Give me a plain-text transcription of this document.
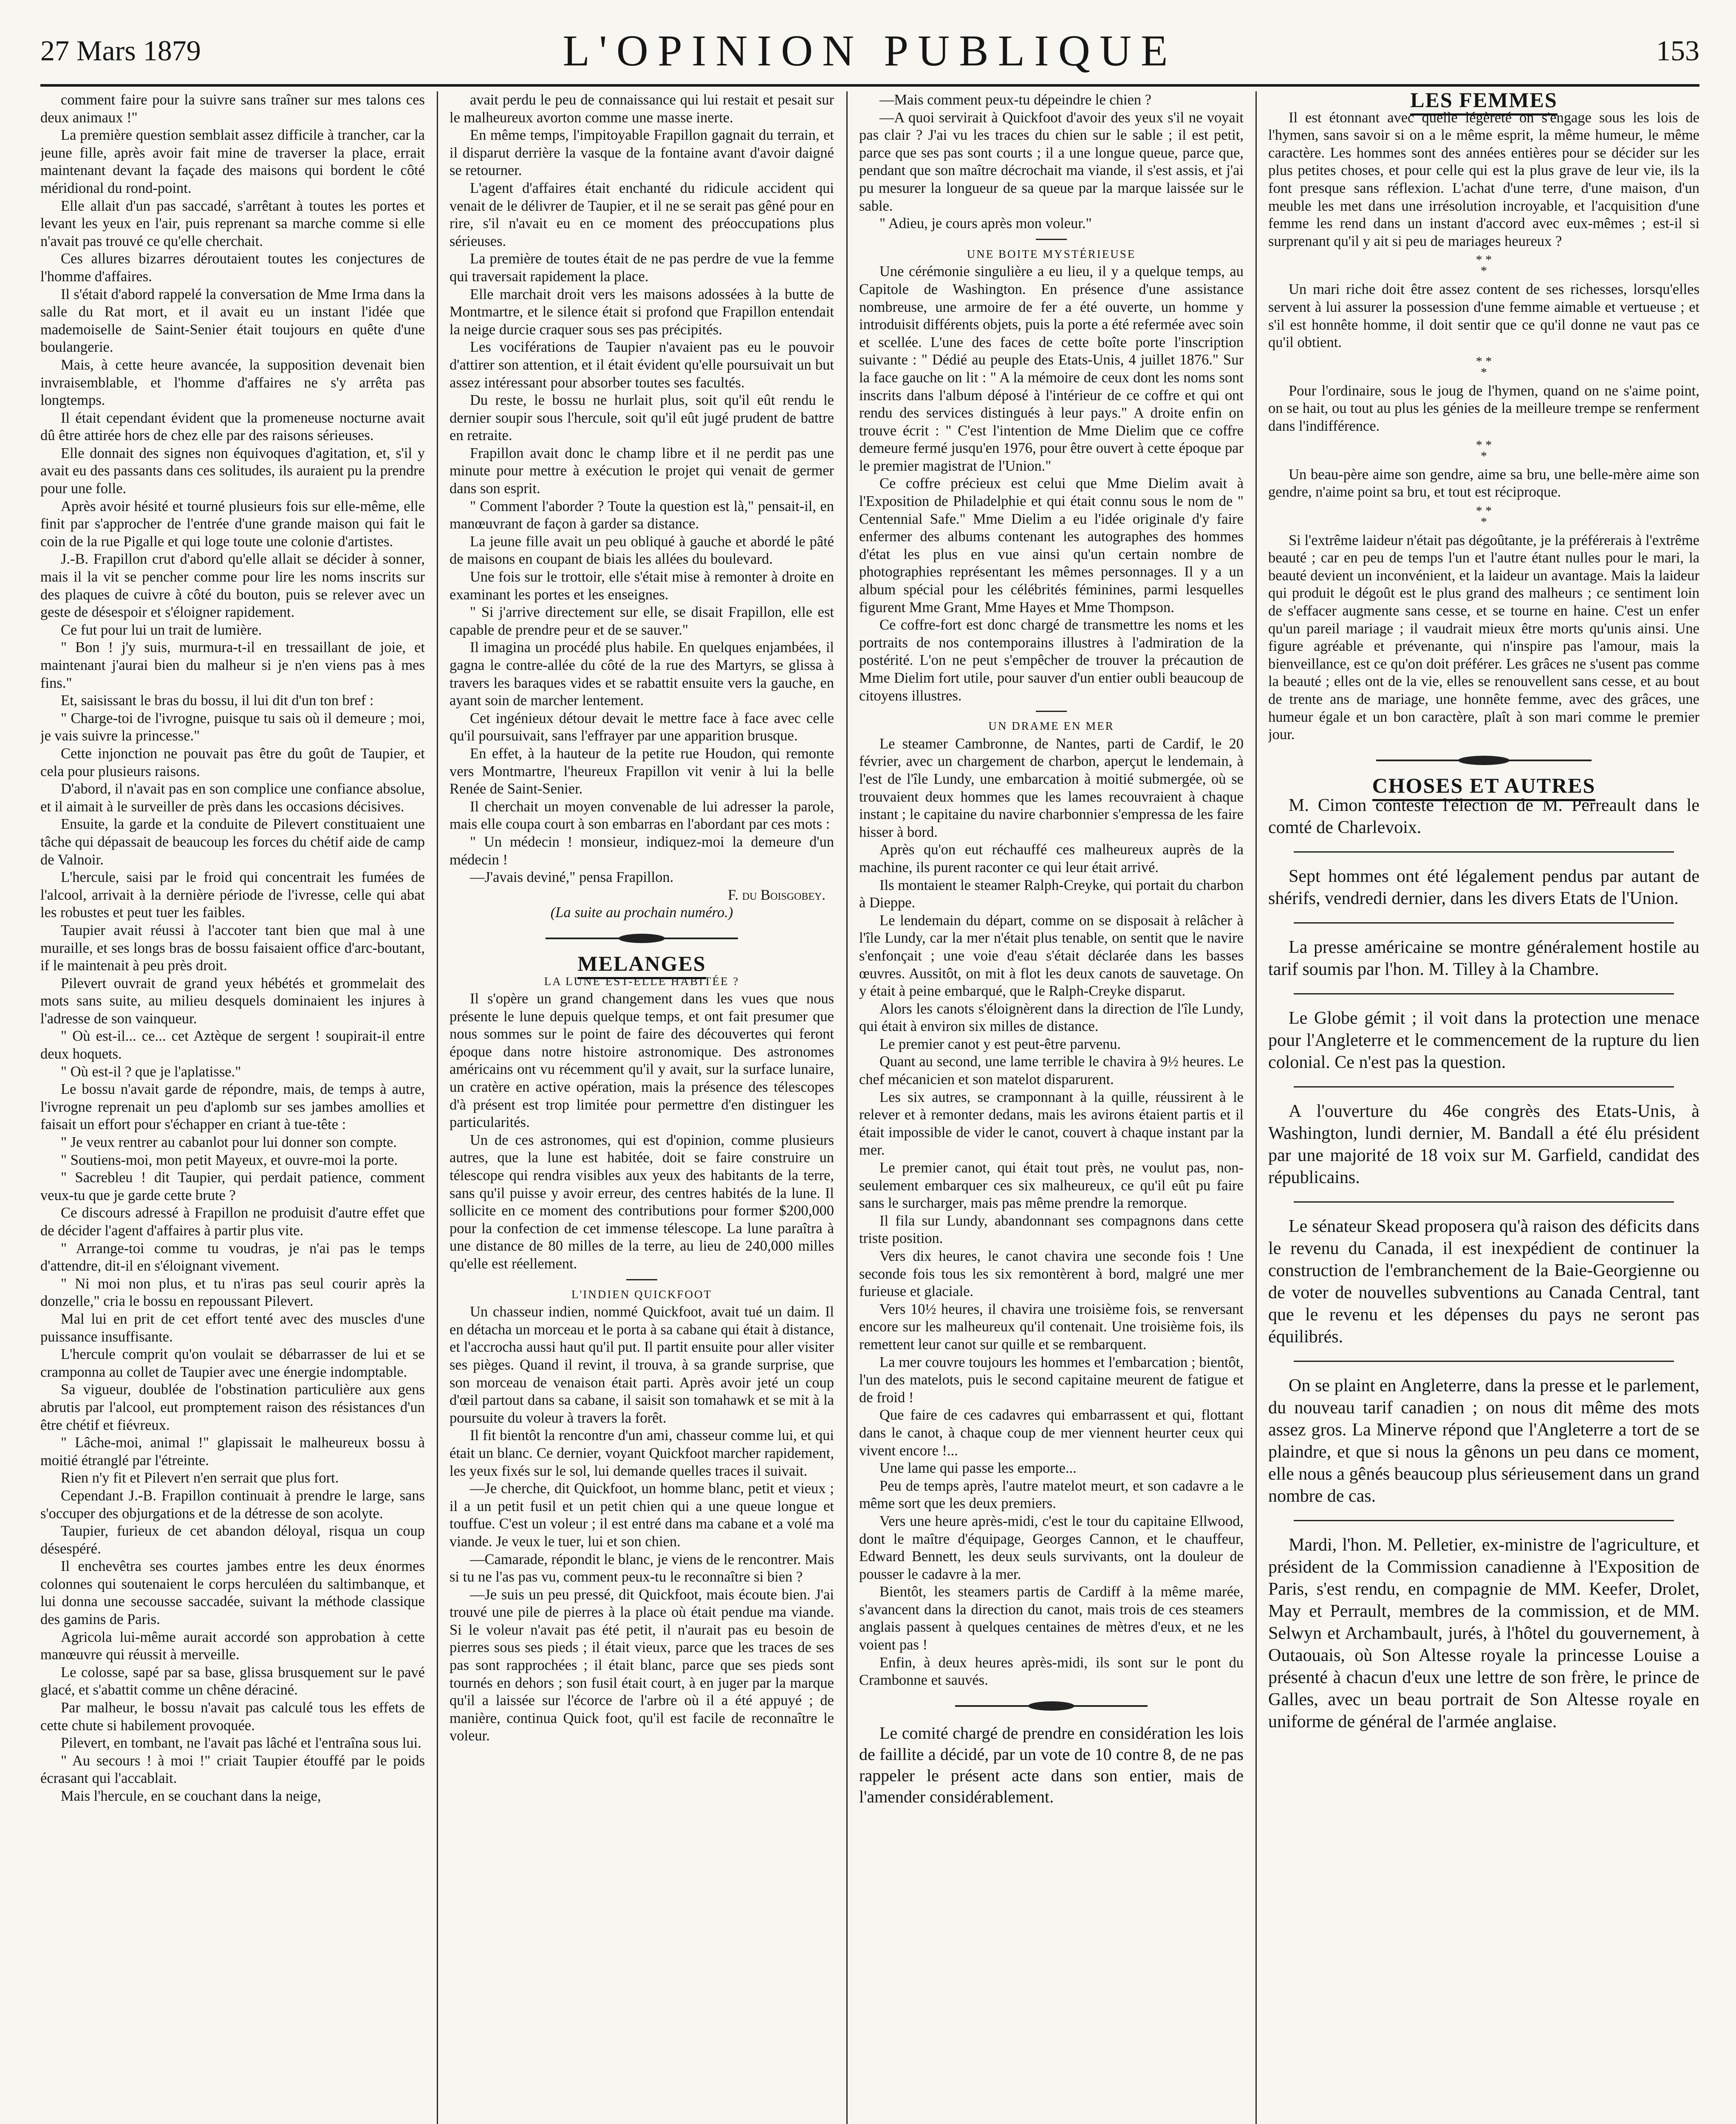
27 Mars 1879	L'OPINION PUBLIQUE	153

comment faire pour la suivre sans traîner sur mes talons ces deux animaux !"

La première question semblait assez difficile à trancher, car la jeune fille, après avoir fait mine de traverser la place, errait maintenant devant la façade des maisons qui bordent le côté méridional du rond-point.

Elle allait d'un pas saccadé, s'arrêtant à toutes les portes et levant les yeux en l'air, puis reprenant sa marche comme si elle n'avait pas trouvé ce qu'elle cherchait.

Ces allures bizarres déroutaient toutes les conjectures de l'homme d'affaires.

Il s'était d'abord rappelé la conversation de Mme Irma dans la salle du Rat mort, et il avait eu un instant l'idée que mademoiselle de Saint-Senier était toujours en quête d'une boulangerie.

Mais, à cette heure avancée, la supposition devenait bien invraisemblable, et l'homme d'affaires ne s'y arrêta pas longtemps.

Il était cependant évident que la promeneuse nocturne avait dû être attirée hors de chez elle par des raisons sérieuses.

Elle donnait des signes non équivoques d'agitation, et, s'il y avait eu des passants dans ces solitudes, ils auraient pu la prendre pour une folle.

Après avoir hésité et tourné plusieurs fois sur elle-même, elle finit par s'approcher de l'entrée d'une grande maison qui fait le coin de la rue Pigalle et qui loge toute une colonie d'artistes.

J.-B. Frapillon crut d'abord qu'elle allait se décider à sonner, mais il la vit se pencher comme pour lire les noms inscrits sur des plaques de cuivre à côté du bouton, puis se relever avec un geste de désespoir et s'éloigner rapidement.

Ce fut pour lui un trait de lumière.

" Bon ! j'y suis, murmura-t-il en tressaillant de joie, et maintenant j'aurai bien du malheur si je n'en viens pas à mes fins."

Et, saisissant le bras du bossu, il lui dit d'un ton bref :

" Charge-toi de l'ivrogne, puisque tu sais où il demeure ; moi, je vais suivre la princesse."

Cette injonction ne pouvait pas être du goût de Taupier, et cela pour plusieurs raisons.

D'abord, il n'avait pas en son complice une confiance absolue, et il aimait à le surveiller de près dans les occasions décisives.

Ensuite, la garde et la conduite de Pilevert constituaient une tâche qui dépassait de beaucoup les forces du chétif aide de camp de Valnoir.

L'hercule, saisi par le froid qui concentrait les fumées de l'alcool, arrivait à la dernière période de l'ivresse, celle qui abat les robustes et peut tuer les faibles.

Taupier avait réussi à l'accoter tant bien que mal à une muraille, et ses longs bras de bossu faisaient office d'arc-boutant, if le maintenait à peu près droit.

Pilevert ouvrait de grand yeux hébétés et grommelait des mots sans suite, au milieu desquels dominaient les injures à l'adresse de son vainqueur.

" Où est-il... ce... cet Aztèque de sergent ! soupirait-il entre deux hoquets.

" Où est-il ? que je l'aplatisse."

Le bossu n'avait garde de répondre, mais, de temps à autre, l'ivrogne reprenait un peu d'aplomb sur ses jambes amollies et faisait un effort pour s'échapper en criant à tue-tête :

" Je veux rentrer au cabanlot pour lui donner son compte.

" Soutiens-moi, mon petit Mayeux, et ouvre-moi la porte.

" Sacrebleu ! dit Taupier, qui perdait patience, comment veux-tu que je garde cette brute ?

Ce discours adressé à Frapillon ne produisit d'autre effet que de décider l'agent d'affaires à partir plus vite.

" Arrange-toi comme tu voudras, je n'ai pas le temps d'attendre, dit-il en s'éloignant vivement.

" Ni moi non plus, et tu n'iras pas seul courir après la donzelle," cria le bossu en repoussant Pilevert.

Mal lui en prit de cet effort tenté avec des muscles d'une puissance insuffisante.

L'hercule comprit qu'on voulait se débarrasser de lui et se cramponna au collet de Taupier avec une énergie indomptable.

Sa vigueur, doublée de l'obstination particulière aux gens abrutis par l'alcool, eut promptement raison des résistances d'un être chétif et fiévreux.

" Lâche-moi, animal !" glapissait le malheureux bossu à moitié étranglé par l'étreinte.

Rien n'y fit et Pilevert n'en serrait que plus fort.

Cependant J.-B. Frapillon continuait à prendre le large, sans s'occuper des objurgations et de la détresse de son acolyte.

Taupier, furieux de cet abandon déloyal, risqua un coup désespéré.

Il enchevêtra ses courtes jambes entre les deux énormes colonnes qui soutenaient le corps herculéen du saltimbanque, et lui donna une secousse saccadée, suivant la méthode classique des gamins de Paris.

Agricola lui-même aurait accordé son approbation à cette manœuvre qui réussit à merveille.

Le colosse, sapé par sa base, glissa brusquement sur le pavé glacé, et s'abattit comme un chêne déraciné.

Par malheur, le bossu n'avait pas calculé tous les effets de cette chute si habilement provoquée.

Pilevert, en tombant, ne l'avait pas lâché et l'entraîna sous lui.

" Au secours ! à moi !" criait Taupier étouffé par le poids écrasant qui l'accablait.

Mais l'hercule, en se couchant dans la neige,

avait perdu le peu de connaissance qui lui restait et pesait sur le malheureux avorton comme une masse inerte.

En même temps, l'impitoyable Frapillon gagnait du terrain, et il disparut derrière la vasque de la fontaine avant d'avoir daigné se retourner.

L'agent d'affaires était enchanté du ridicule accident qui venait de le délivrer de Taupier, et il ne se serait pas gêné pour en rire, s'il n'avait eu en ce moment des préoccupations plus sérieuses.

La première de toutes était de ne pas perdre de vue la femme qui traversait rapidement la place.

Elle marchait droit vers les maisons adossées à la butte de Montmartre, et le silence était si profond que Frapillon entendait la neige durcie craquer sous ses pas précipités.

Les vociférations de Taupier n'avaient pas eu le pouvoir d'attirer son attention, et il était évident qu'elle poursuivait un but assez intéressant pour absorber toutes ses facultés.

Du reste, le bossu ne hurlait plus, soit qu'il eût rendu le dernier soupir sous l'hercule, soit qu'il eût jugé prudent de battre en retraite.

Frapillon avait donc le champ libre et il ne perdit pas une minute pour mettre à exécution le projet qui venait de germer dans son esprit.

" Comment l'aborder ? Toute la question est là," pensait-il, en manœuvrant de façon à garder sa distance.

La jeune fille avait un peu obliqué à gauche et abordé le pâté de maisons en coupant de biais les allées du boulevard.

Une fois sur le trottoir, elle s'était mise à remonter à droite en examinant les portes et les enseignes.

" Si j'arrive directement sur elle, se disait Frapillon, elle est capable de prendre peur et de se sauver."

Il imagina un procédé plus habile. En quelques enjambées, il gagna le contre-allée du côté de la rue des Martyrs, se glissa à travers les baraques vides et se rabattit ensuite vers la gauche, en ayant soin de marcher lentement.

Cet ingénieux détour devait le mettre face à face avec celle qu'il poursuivait, sans l'effrayer par une apparition brusque.

En effet, à la hauteur de la petite rue Houdon, qui remonte vers Montmartre, l'heureux Frapillon vit venir à lui la belle Renée de Saint-Senier.

Il cherchait un moyen convenable de lui adresser la parole, mais elle coupa court à son embarras en l'abordant par ces mots :

" Un médecin ! monsieur, indiquez-moi la demeure d'un médecin !

—J'avais deviné," pensa Frapillon.

F. du Boisgobey.

(La suite au prochain numéro.)

MELANGES

LA LUNE EST-ELLE HABITÉE ?

Il s'opère un grand changement dans les vues que nous présente le lune depuis quelque temps, et ont fait presumer que nous sommes sur le point de faire des découvertes qui feront époque dans notre histoire astronomique. Des astronomes américains ont vu récemment qu'il y avait, sur la surface lunaire, un cratère en active opération, mais la présence des télescopes d'à présent est trop limitée pour permettre d'en distinguer les particularités.

Un de ces astronomes, qui est d'opinion, comme plusieurs autres, que la lune est habitée, doit se faire construire un télescope qui rendra visibles aux yeux des habitants de la terre, sans qu'il puisse y avoir erreur, des centres habités de la lune. Il sollicite en ce moment des contributions pour former $200,000 pour la confection de cet immense télescope. La lune paraîtra à une distance de 80 milles de la terre, au lieu de 240,000 milles qu'elle est réellement.

L'INDIEN QUICKFOOT

Un chasseur indien, nommé Quickfoot, avait tué un daim. Il en détacha un morceau et le porta à sa cabane qui était à distance, et l'accrocha aussi haut qu'il put. Il partit ensuite pour aller visiter ses pièges. Quand il revint, il trouva, à sa grande surprise, que son morceau de venaison était parti. Après avoir jeté un coup d'œil partout dans sa cabane, il saisit son tomahawk et se mit à la poursuite du voleur à travers la forêt.

Il fit bientôt la rencontre d'un ami, chasseur comme lui, et qui était un blanc. Ce dernier, voyant Quickfoot marcher rapidement, les yeux fixés sur le sol, lui demande quelles traces il suivait.

—Je cherche, dit Quickfoot, un homme blanc, petit et vieux ; il a un petit fusil et un petit chien qui a une queue longue et touffue. C'est un voleur ; il est entré dans ma cabane et a volé ma viande. Je veux le tuer, lui et son chien.

—Camarade, répondit le blanc, je viens de le rencontrer. Mais si tu ne l'as pas vu, comment peux-tu le reconnaître si bien ?

—Je suis un peu pressé, dit Quickfoot, mais écoute bien. J'ai trouvé une pile de pierres à la place où était pendue ma viande. Si le voleur n'avait pas été petit, il n'aurait pas eu besoin de pierres sous ses pieds ; il était vieux, parce que les traces de ses pas sont rapprochées ; il était blanc, parce que ses pieds sont tournés en dehors ; son fusil était court, à en juger par la marque qu'il a laissée sur l'écorce de l'arbre où il a été appuyé ; de manière, continua Quick foot, qu'il est facile de reconnaître le voleur.

—Mais comment peux-tu dépeindre le chien ?

—A quoi servirait à Quickfoot d'avoir des yeux s'il ne voyait pas clair ? J'ai vu les traces du chien sur le sable ; il est petit, parce que ses pas sont courts ; il a une longue queue, parce que, pendant que son maître décrochait ma viande, il s'est assis, et j'ai pu mesurer la longueur de sa queue par la marque laissée sur le sable.

" Adieu, je cours après mon voleur."

UNE BOITE MYSTÉRIEUSE

Une cérémonie singulière a eu lieu, il y a quelque temps, au Capitole de Washington. En présence d'une assistance nombreuse, une armoire de fer a été ouverte, un homme y introduisit différents objets, puis la porte a été refermée avec soin et scellée. L'une des faces de cette boîte porte l'inscription suivante : " Dédié au peuple des Etats-Unis, 4 juillet 1876." Sur la face gauche on lit : " A la mémoire de ceux dont les noms sont inscrits dans l'album déposé à l'intérieur de ce coffre et qui ont rendu des services distingués à leur pays." A droite enfin on trouve écrit : " C'est l'intention de Mme Dielim que ce coffre demeure fermé jusqu'en 1976, pour être ouvert à cette époque par le premier magistrat de l'Union."

Ce coffre précieux est celui que Mme Dielim avait à l'Exposition de Philadelphie et qui était connu sous le nom de " Centennial Safe." Mme Dielim a eu l'idée originale d'y faire enfermer des albums contenant les autographes des hommes d'état les plus en vue ainsi qu'un certain nombre de photographies représentant les mêmes personnages. Il y a un album spécial pour les célébrités féminines, parmi lesquelles figurent Mme Grant, Mme Hayes et Mme Thompson.

Ce coffre-fort est donc chargé de transmettre les noms et les portraits de nos contemporains illustres à l'admiration de la postérité. L'on ne peut s'empêcher de trouver la précaution de Mme Dielim fort utile, pour sauver d'un entier oubli beaucoup de citoyens illustres.

UN DRAME EN MER

Le steamer Cambronne, de Nantes, parti de Cardif, le 20 février, avec un chargement de charbon, aperçut le lendemain, à l'est de l'île Lundy, une embarcation à moitié submergée, où se trouvaient deux hommes que les lames recouvraient à chaque instant ; le capitaine du navire charbonnier s'empressa de les faire hisser à bord.

Après qu'on eut réchauffé ces malheureux auprès de la machine, ils purent raconter ce qui leur était arrivé.

Ils montaient le steamer Ralph-Creyke, qui portait du charbon à Dieppe.

Le lendemain du départ, comme on se disposait à relâcher à l'île Lundy, car la mer n'était plus tenable, on sentit que le navire s'enfonçait ; une voie d'eau s'était déclarée dans les basses œuvres. Aussitôt, on mit à flot les deux canots de sauvetage. On y était à peine embarqué, que le Ralph-Creyke disparut.

Alors les canots s'éloignèrent dans la direction de l'île Lundy, qui était à environ six milles de distance.

Le premier canot y est peut-être parvenu.

Quant au second, une lame terrible le chavira à 9½ heures. Le chef mécanicien et son matelot disparurent.

Les six autres, se cramponnant à la quille, réussirent à le relever et à remonter dedans, mais les avirons étaient partis et il était impossible de vider le canot, couvert à chaque instant par la mer.

Le premier canot, qui était tout près, ne voulut pas, non-seulement embarquer ces six malheureux, ce qu'il eût pu faire sans le surcharger, mais pas même prendre la remorque.

Il fila sur Lundy, abandonnant ses compagnons dans cette triste position.

Vers dix heures, le canot chavira une seconde fois ! Une seconde fois tous les six remontèrent à bord, malgré une mer furieuse et glaciale.

Vers 10½ heures, il chavira une troisième fois, se renversant encore sur les malheureux qu'il contenait. Une troisième fois, ils remettent leur canot sur quille et se rembarquent.

La mer couvre toujours les hommes et l'embarcation ; bientôt, l'un des matelots, puis le second capitaine meurent de fatigue et de froid !

Que faire de ces cadavres qui embarrassent et qui, flottant dans le canot, à chaque coup de mer viennent heurter ceux qui vivent encore !...

Une lame qui passe les emporte...

Peu de temps après, l'autre matelot meurt, et son cadavre a le même sort que les deux premiers.

Vers une heure après-midi, c'est le tour du capitaine Ellwood, dont le maître d'équipage, Georges Cannon, et le chauffeur, Edward Bennett, les deux seuls survivants, ont la douleur de pousser le cadavre à la mer.

Bientôt, les steamers partis de Cardiff à la même marée, s'avancent dans la direction du canot, mais trois de ces steamers anglais passent à quelques centaines de mètres d'eux, et ne les voient pas !

Enfin, à deux heures après-midi, ils sont sur le pont du Crambonne et sauvés.

Le comité chargé de prendre en considération les lois de faillite a décidé, par un vote de 10 contre 8, de ne pas rappeler le présent acte dans son entier, mais de l'amender considérablement.

LES FEMMES

Il est étonnant avec quelle légèreté on s'engage sous les lois de l'hymen, sans savoir si on a le même esprit, la même humeur, le même caractère. Les hommes sont des années entières pour se décider sur les plus petites choses, et pour celle qui est la plus grave de leur vie, ils la font presque sans réflexion. L'achat d'une terre, d'une maison, d'un meuble les met dans une irrésolution incroyable, et l'acquisition d'une femme les rend dans un instant d'accord avec eux-mêmes ; est-il si surprenant qu'il y ait si peu de mariages heureux ?

* *
*

Un mari riche doit être assez content de ses richesses, lorsqu'elles servent à lui assurer la possession d'une femme aimable et vertueuse ; et s'il est honnête homme, il doit sentir que ce qu'il donne ne vaut pas ce qu'il obtient.

* *
*

Pour l'ordinaire, sous le joug de l'hymen, quand on ne s'aime point, on se hait, ou tout au plus les génies de la meilleure trempe se renferment dans l'indifférence.

* *
*

Un beau-père aime son gendre, aime sa bru, une belle-mère aime son gendre, n'aime point sa bru, et tout est réciproque.

* *
*

Si l'extrême laideur n'était pas dégoûtante, je la préférerais à l'extrême beauté ; car en peu de temps l'un et l'autre étant nulles pour le mari, la beauté devient un inconvénient, et la laideur un avantage. Mais la laideur qui produit le dégoût est le plus grand des malheurs ; ce sentiment loin de s'effacer augmente sans cesse, et se tourne en haine. C'est un enfer qu'un pareil mariage ; il vaudrait mieux être morts qu'unis ainsi. Une figure agréable et prévenante, qui n'inspire pas l'amour, mais la bienveillance, est ce qu'on doit préférer. Les grâces ne s'usent pas comme la beauté ; elles ont de la vie, elles se renouvellent sans cesse, et au bout de trente ans de mariage, une honnête femme, avec des grâces, une humeur égale et un bon caractère, plaît à son mari comme le premier jour.

CHOSES ET AUTRES

M. Cimon conteste l'élection de M. Perreault dans le comté de Charlevoix.

Sept hommes ont été légalement pendus par autant de shérifs, vendredi dernier, dans les divers Etats de l'Union.

La presse américaine se montre généralement hostile au tarif soumis par l'hon. M. Tilley à la Chambre.

Le Globe gémit ; il voit dans la protection une menace pour l'Angleterre et le commencement de la rupture du lien colonial. Ce n'est pas la question.

A l'ouverture du 46e congrès des Etats-Unis, à Washington, lundi dernier, M. Bandall a été élu président par une majorité de 18 voix sur M. Garfield, candidat des républicains.

Le sénateur Skead proposera qu'à raison des déficits dans le revenu du Canada, il est inexpédient de continuer la construction de l'embranchement de la Baie-Georgienne ou de voter de nouvelles subventions au Canada Central, tant que le revenu et les dépenses du pays ne seront pas équilibrés.

On se plaint en Angleterre, dans la presse et le parlement, du nouveau tarif canadien ; on nous dit même des mots assez gros. La Minerve répond que l'Angleterre a tort de se plaindre, et que si nous la gênons un peu dans ce moment, elle nous a gênés beaucoup plus sérieusement dans un grand nombre de cas.

Mardi, l'hon. M. Pelletier, ex-ministre de l'agriculture, et président de la Commission canadienne à l'Exposition de Paris, s'est rendu, en compagnie de MM. Keefer, Drolet, May et Perrault, membres de la commission, et de MM. Selwyn et Archambault, jurés, à l'hôtel du gouvernement, à Outaouais, où Son Altesse royale la princesse Louise a présenté à chacun d'eux une lettre de son frère, le prince de Galles, avec un beau portrait de Son Altesse royale en uniforme de général de l'armée anglaise.
